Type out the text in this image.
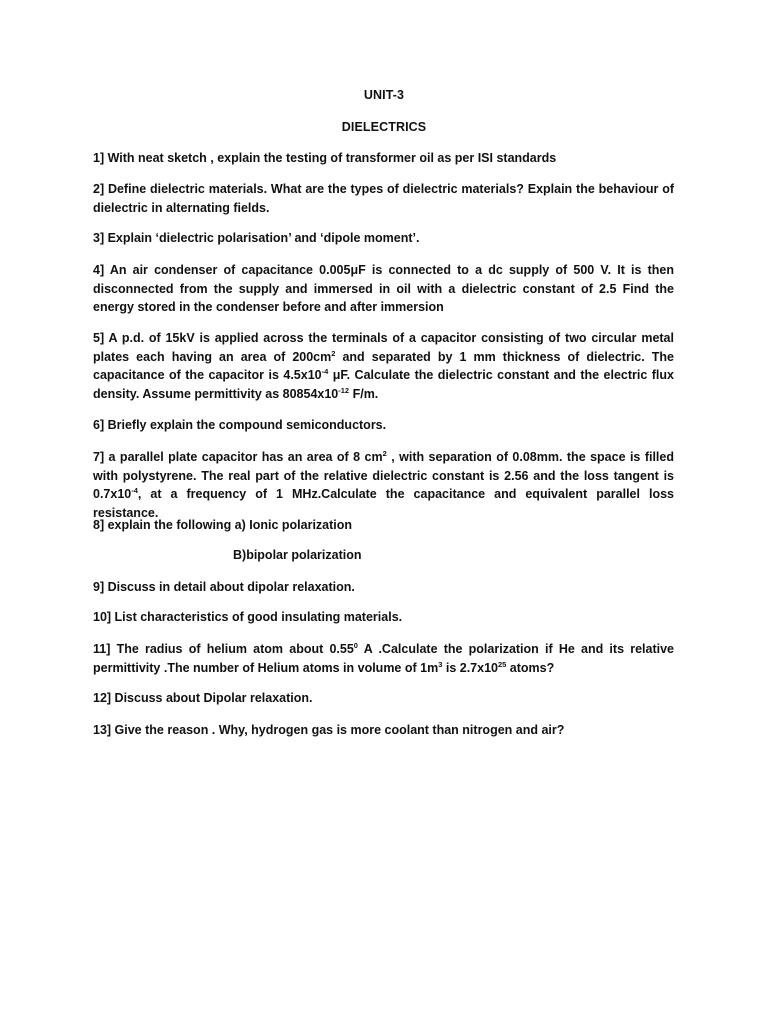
UNIT-3
DIELECTRICS

1] With neat sketch , explain the testing of transformer oil as per ISI standards

2] Define dielectric materials. What are the types of dielectric materials? Explain the behaviour of dielectric in alternating fields.

3] Explain ‘dielectric polarisation’ and ‘dipole moment’.

4] An air condenser of capacitance 0.005μF is connected to a dc supply of 500 V. It is then disconnected from the supply and immersed in oil with a dielectric constant of 2.5 Find the energy stored in the condenser before and after immersion

5] A p.d. of 15kV is applied across the terminals of a capacitor consisting of two circular metal plates each having an area of $200cm^2$ and separated by 1 mm thickness of dielectric. The capacitance of the capacitor is $4.5x10^{-4}$ μF. Calculate the dielectric constant and the electric flux density. Assume permittivity as $80854x10^{-12}$ F/m.

6] Briefly explain the compound semiconductors.

7] a parallel plate capacitor has an area of 8 $cm^2$ , with separation of 0.08mm. the space is filled with polystyrene. The real part of the relative dielectric constant is 2.56 and the loss tangent is $0.7x10^{-4}$, at a frequency of 1 MHz.Calculate the capacitance and equivalent parallel loss resistance.

8] explain the following a) Ionic polarization

B)bipolar polarization

9] Discuss in detail about dipolar relaxation.

10] List characteristics of good insulating materials.

11] The radius of helium atom about 0.55$^0$ A .Calculate the polarization if He and its relative permittivity .The number of Helium atoms in volume of $1m^3$ is $2.7x10^{25}$ atoms?

12] Discuss about Dipolar relaxation.

13] Give the reason . Why, hydrogen gas is more coolant than nitrogen and air?
